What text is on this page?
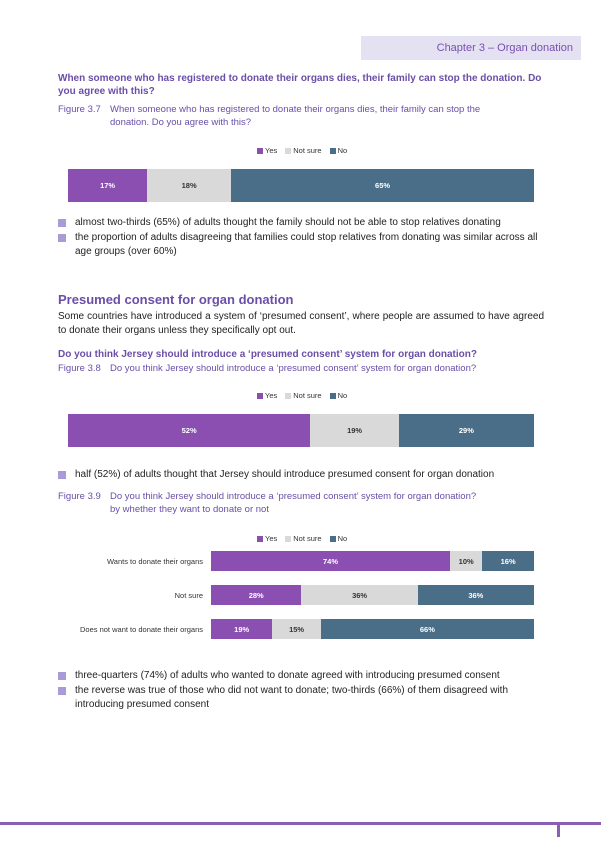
Chapter 3 – Organ donation
When someone who has registered to donate their organs dies, their family can stop the donation. Do you agree with this?
Figure 3.7 When someone who has registered to donate their organs dies, their family can stop the
donation. Do you agree with this?
Yes	Not sure	No
17%	18%	65%
almost two-thirds (65%) of adults thought the family should not be able to stop relatives donating
the proportion of adults disagreeing that families could stop relatives from donating was similar across all age groups (over 60%)
Presumed consent for organ donation
Some countries have introduced a system of ‘presumed consent’, where people are assumed to have agreed to donate their organs unless they specifically opt out.
Do you think Jersey should introduce a ‘presumed consent’ system for organ donation?
Figure 3.8 Do you think Jersey should introduce a ‘presumed consent’ system for organ donation?
Yes	Not sure	No
52%	19%	29%
half (52%) of adults thought that Jersey should introduce presumed consent for organ donation
Figure 3.9 Do you think Jersey should introduce a ‘presumed consent’ system for organ donation?
by whether they want to donate or not
Yes	Not sure	No
Wants to donate their organs	74%	10%	16%
Not sure	28%	36%	36%
Does not want to donate their organs	19%	15%	66%
three-quarters (74%) of adults who wanted to donate agreed with introducing presumed consent
the reverse was true of those who did not want to donate; two-thirds (66%) of them disagreed with introducing presumed consent
